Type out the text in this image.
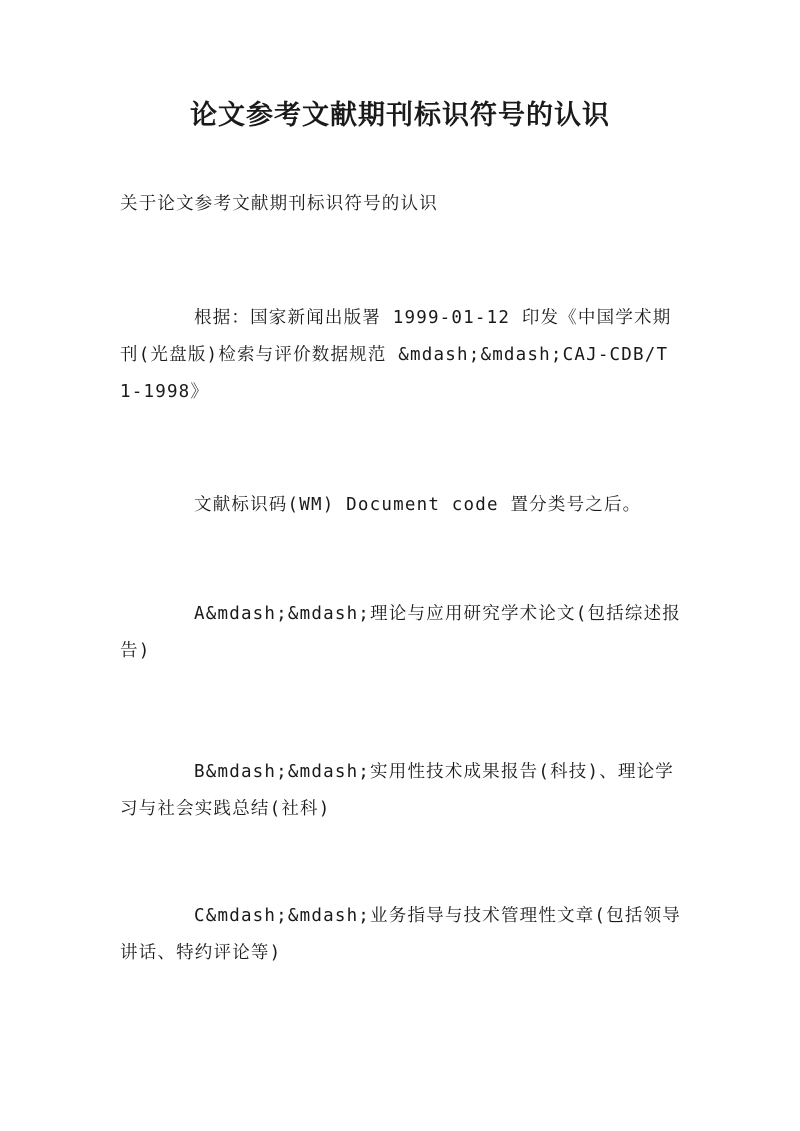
论文参考文献期刊标识符号的认识

关于论文参考文献期刊标识符号的认识

根据：国家新闻出版署 1999-01-12 印发《中国学术期刊(光盘版)检索与评价数据规范 &mdash;&mdash;CAJ-CDB/T 1-1998》

文献标识码(WM) Document code 置分类号之后。

A&mdash;&mdash;理论与应用研究学术论文(包括综述报告)

B&mdash;&mdash;实用性技术成果报告(科技)、理论学习与社会实践总结(社科)

C&mdash;&mdash;业务指导与技术管理性文章(包括领导讲话、特约评论等)
